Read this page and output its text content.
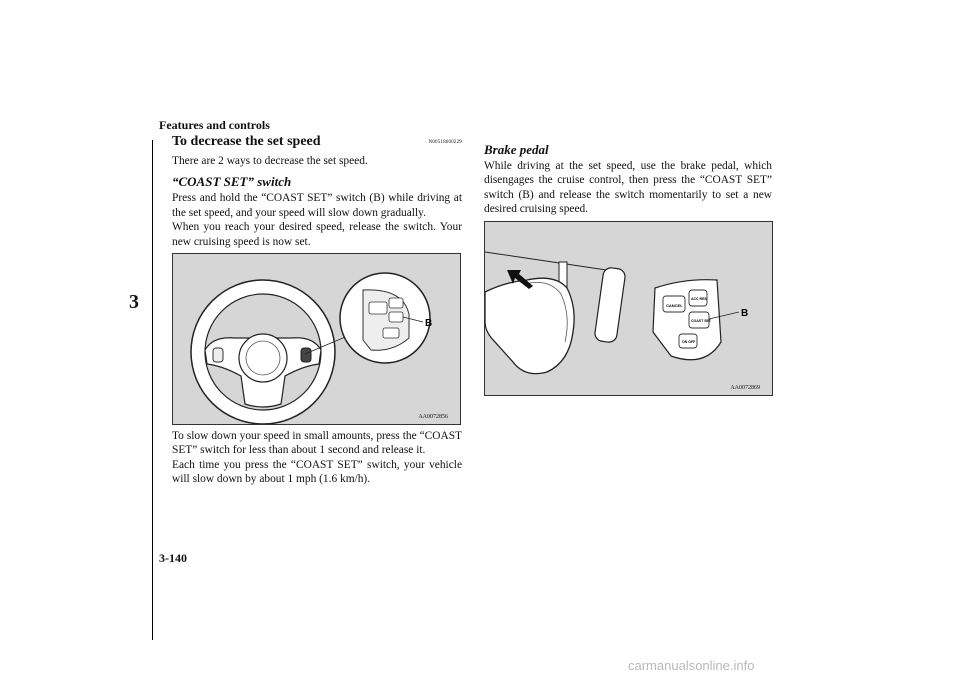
Features and controls
3
To decrease the set speed	N00518600229

There are 2 ways to decrease the set speed.

“COAST SET” switch

Press and hold the “COAST SET” switch (B) while driving at the set speed, and your speed will slow down gradually.

When you reach your desired speed, release the switch. Your new cruising speed is now set.

B
AA0072856

To slow down your speed in small amounts, press the “COAST SET” switch for less than about 1 second and release it.

Each time you press the “COAST SET” switch, your vehicle will slow down by about 1 mph (1.6 km/h).

Brake pedal

While driving at the set speed, use the brake pedal, which disengages the cruise control, then press the “COAST SET” switch (B) and release the switch momentarily to set a new desired cruising speed.

CANCEL
ACC RES
COAST SET
ON OFF
B
AA0072869
3-140
carmanualsonline.info
